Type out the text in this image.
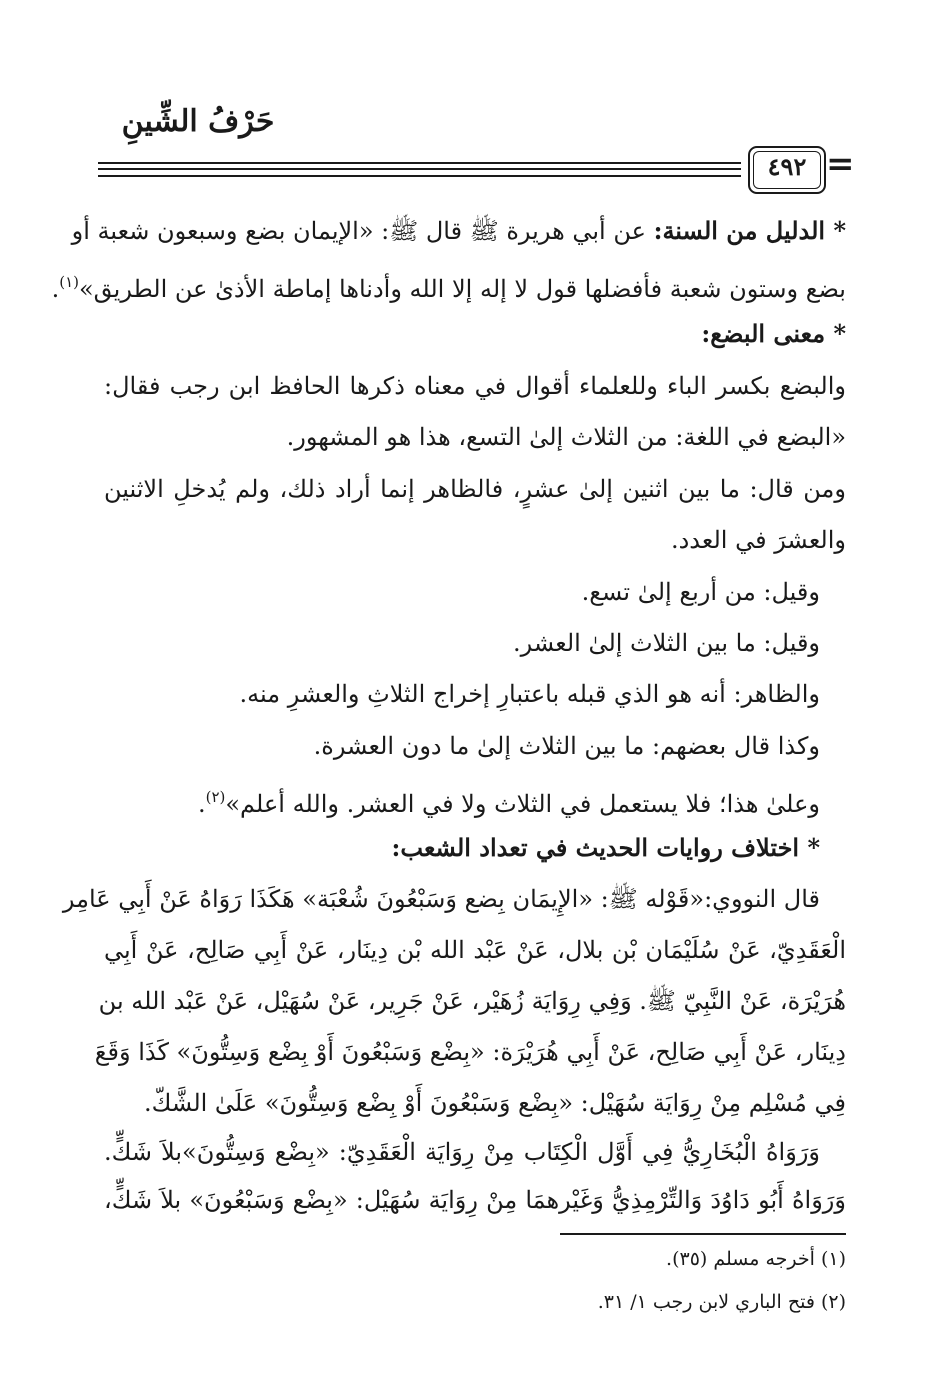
حَرْفُ الشِّينِ
٤٩٢ =
* الدليل من السنة: عن أبي هريرة ﷺ قال ﷺ: «الإيمان بضع وسبعون شعبة أو
بضع وستون شعبة فأفضلها قول لا إله إلا الله وأدناها إماطة الأذىٰ عن الطريق»$^{(١)}$.
* معنى البضع:
والبضع بكسر الباء وللعلماء أقوال في معناه ذكرها الحافظ ابن رجب فقال:
«البضع في اللغة: من الثلاث إلىٰ التسع، هذا هو المشهور.
ومن قال: ما بين اثنين إلىٰ عشرٍ، فالظاهر إنما أراد ذلك، ولم يُدخلِ الاثنين
والعشرَ في العدد.
وقيل: من أربع إلىٰ تسع.
وقيل: ما بين الثلاث إلىٰ العشر.
والظاهر: أنه هو الذي قبله باعتبارِ إخراج الثلاثِ والعشرِ منه.
وكذا قال بعضهم: ما بين الثلاث إلىٰ ما دون العشرة.
وعلىٰ هذا؛ فلا يستعمل في الثلاث ولا في العشر. والله أعلم»$^{(٢)}$.
* اختلاف روايات الحديث في تعداد الشعب:
قال النووي:«قَوْله ﷺ: «الإِيمَان بِضع وَسَبْعُونَ شُعْبَة» هَكَذَا رَوَاهُ عَنْ أَبِي عَامِر
الْعَقَدِيّ، عَنْ سُلَيْمَان بْن بلال، عَنْ عَبْد الله بْن دِينَار، عَنْ أَبِي صَالِح، عَنْ أَبِي
هُرَيْرَة، عَنْ النَّبِيّ ﷺ. وَفِي رِوَايَة زُهَيْر، عَنْ جَرِير، عَنْ سُهَيْل، عَنْ عَبْد الله بن
دِينَار، عَنْ أَبِي صَالِح، عَنْ أَبِي هُرَيْرَة: «بِضْع وَسَبْعُونَ أَوْ بِضْع وَسِتُّونَ» كَذَا وَقَعَ
فِي مُسْلِم مِنْ رِوَايَة سُهَيْل: «بِضْع وَسَبْعُونَ أَوْ بِضْع وَسِتُّونَ» عَلَىٰ الشَّكّ.
وَرَوَاهُ الْبُخَارِيُّ فِي أَوَّل الْكِتَاب مِنْ رِوَايَة الْعَقَدِيّ: «بِضْع وَسِتُّونَ»بلاَ شَكٍّ.
وَرَوَاهُ أَبُو دَاوُدَ وَالتِّرْمِذِيُّ وَغَيْرهمَا مِنْ رِوَايَة سُهَيْل: «بِضْع وَسَبْعُونَ» بلاَ شَكٍّ،
(١) أخرجه مسلم (٣٥).
(٢) فتح الباري لابن رجب ١/ ٣١.
